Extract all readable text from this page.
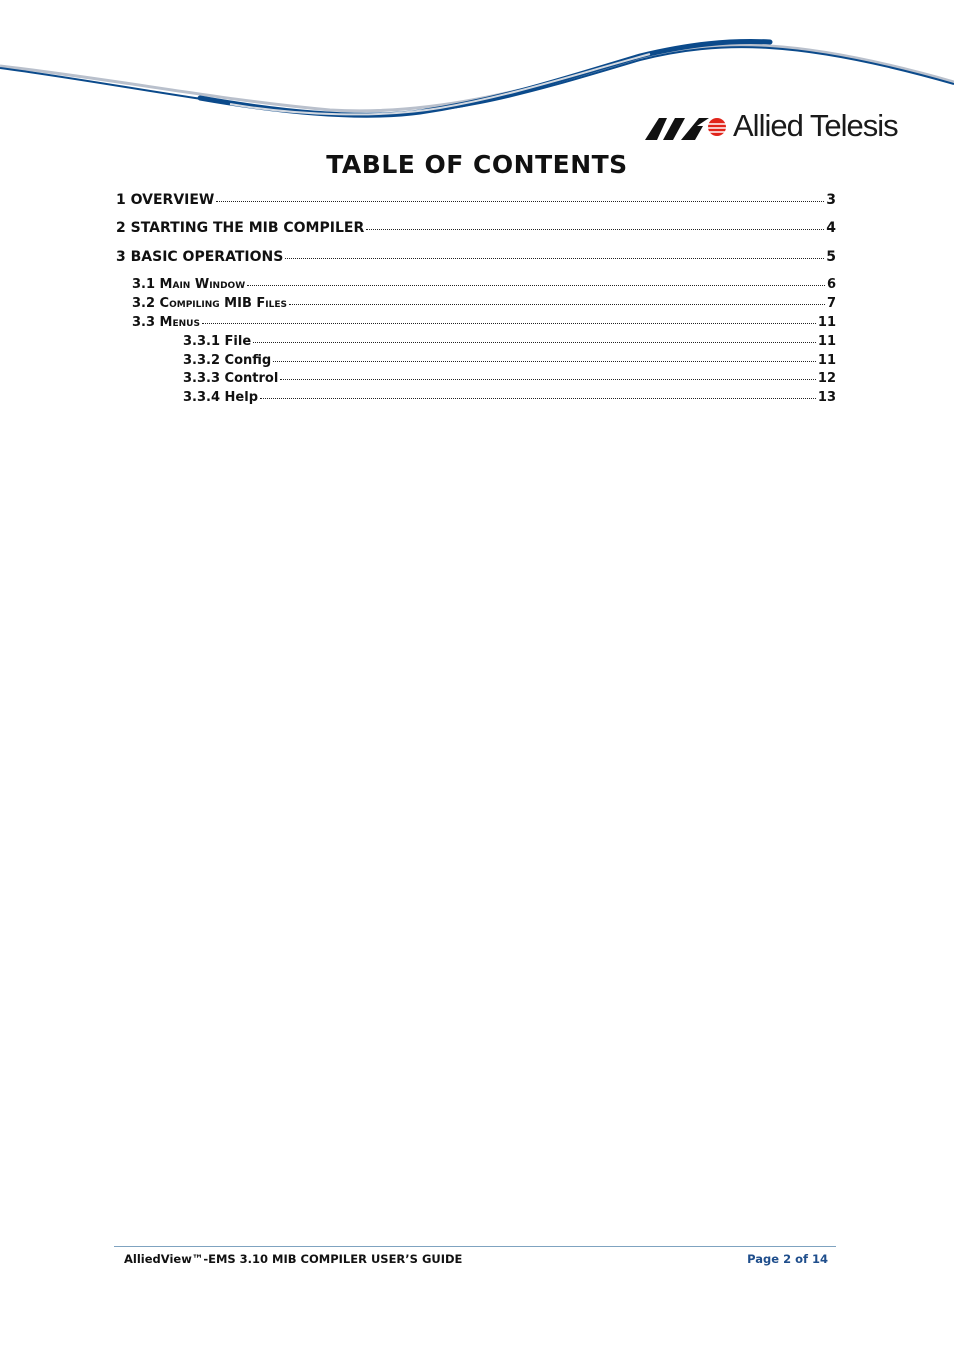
Allied Telesis
TABLE OF CONTENTS
1 OVERVIEW	3
2 STARTING THE MIB COMPILER	4
3 BASIC OPERATIONS	5
3.1 Main Window	6
3.2 Compiling MIB Files	7
3.3 Menus	11
3.3.1 File	11
3.3.2 Config	11
3.3.3 Control	12
3.3.4 Help	13
AlliedView™-EMS 3.10 MIB COMPILER USER’S GUIDE	Page 2 of 14
